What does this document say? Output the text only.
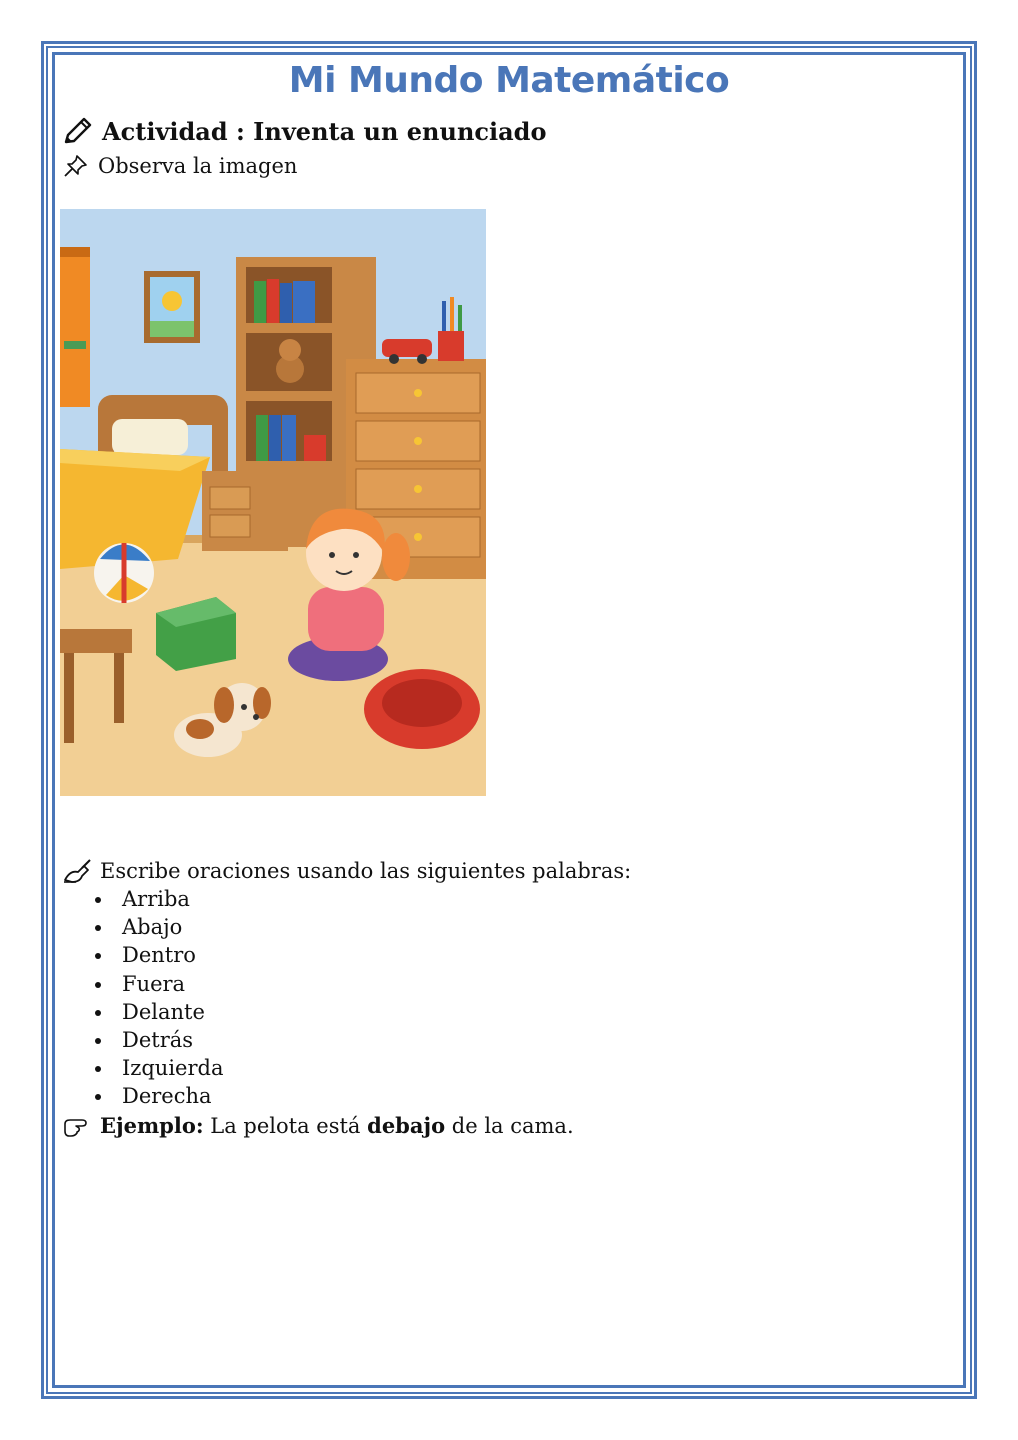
Mi Mundo Matemático
Actividad : Inventa un enunciado
Observa la imagen
Escribe oraciones usando las siguientes palabras:
Arriba
Abajo
Dentro
Fuera
Delante
Detrás
Izquierda
Derecha
Ejemplo: La pelota está debajo de la cama.
